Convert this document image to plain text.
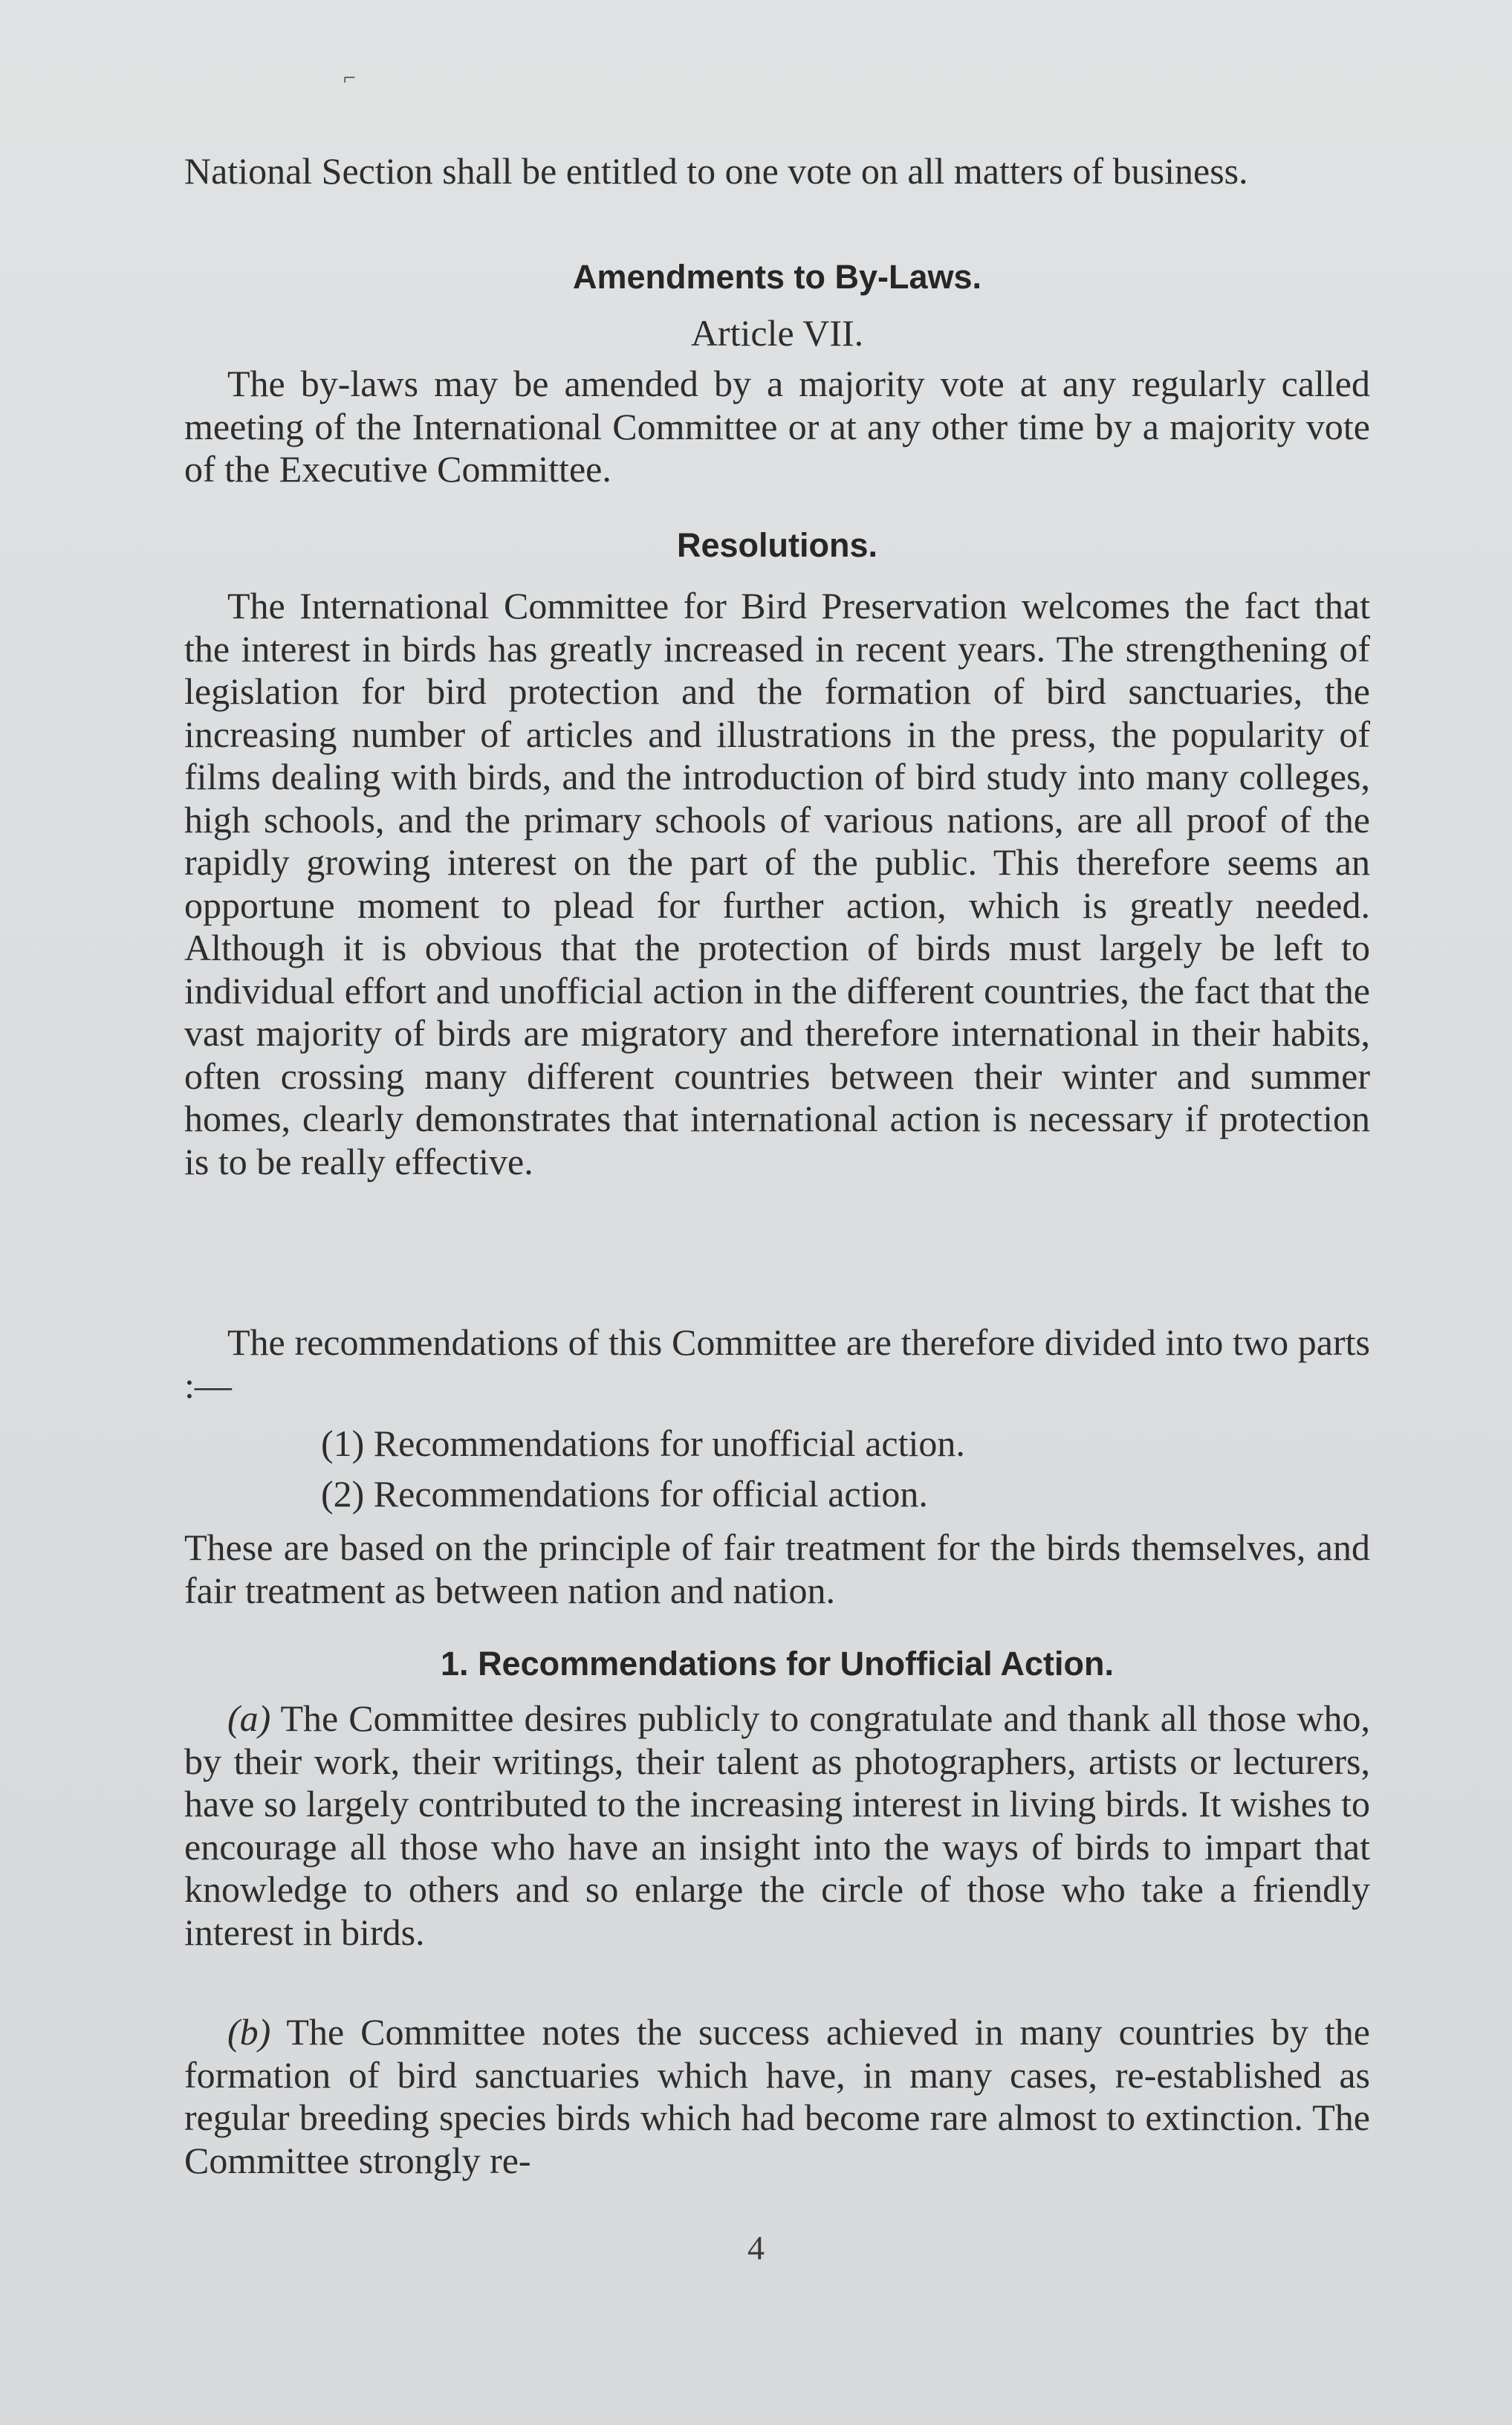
⌐

National Section shall be entitled to one vote on all matters of business.

Amendments to By-Laws.
Article VII.

The by-laws may be amended by a majority vote at any regularly called meeting of the International Committee or at any other time by a majority vote of the Executive Committee.

Resolutions.

The International Committee for Bird Preservation welcomes the fact that the interest in birds has greatly increased in recent years. The strengthening of legislation for bird protection and the formation of bird sanctuaries, the increasing number of articles and illustrations in the press, the popularity of films dealing with birds, and the introduction of bird study into many colleges, high schools, and the primary schools of various nations, are all proof of the rapidly growing interest on the part of the public. This therefore seems an opportune moment to plead for further action, which is greatly needed. Although it is obvious that the protection of birds must largely be left to individual effort and unofficial action in the different countries, the fact that the vast majority of birds are migratory and therefore international in their habits, often crossing many different countries between their winter and summer homes, clearly demonstrates that international action is necessary if protection is to be really effective.

The recommendations of this Committee are therefore divided into two parts :—

(1) Recommendations for unofficial action.
(2) Recommendations for official action.

These are based on the principle of fair treatment for the birds themselves, and fair treatment as between nation and nation.

1. Recommendations for Unofficial Action.

(a) The Committee desires publicly to congratulate and thank all those who, by their work, their writings, their talent as photographers, artists or lecturers, have so largely contributed to the increasing interest in living birds. It wishes to encourage all those who have an insight into the ways of birds to impart that knowledge to others and so enlarge the circle of those who take a friendly interest in birds.

(b) The Committee notes the success achieved in many countries by the formation of bird sanctuaries which have, in many cases, re-established as regular breeding species birds which had become rare almost to extinction. The Committee strongly re-

4
